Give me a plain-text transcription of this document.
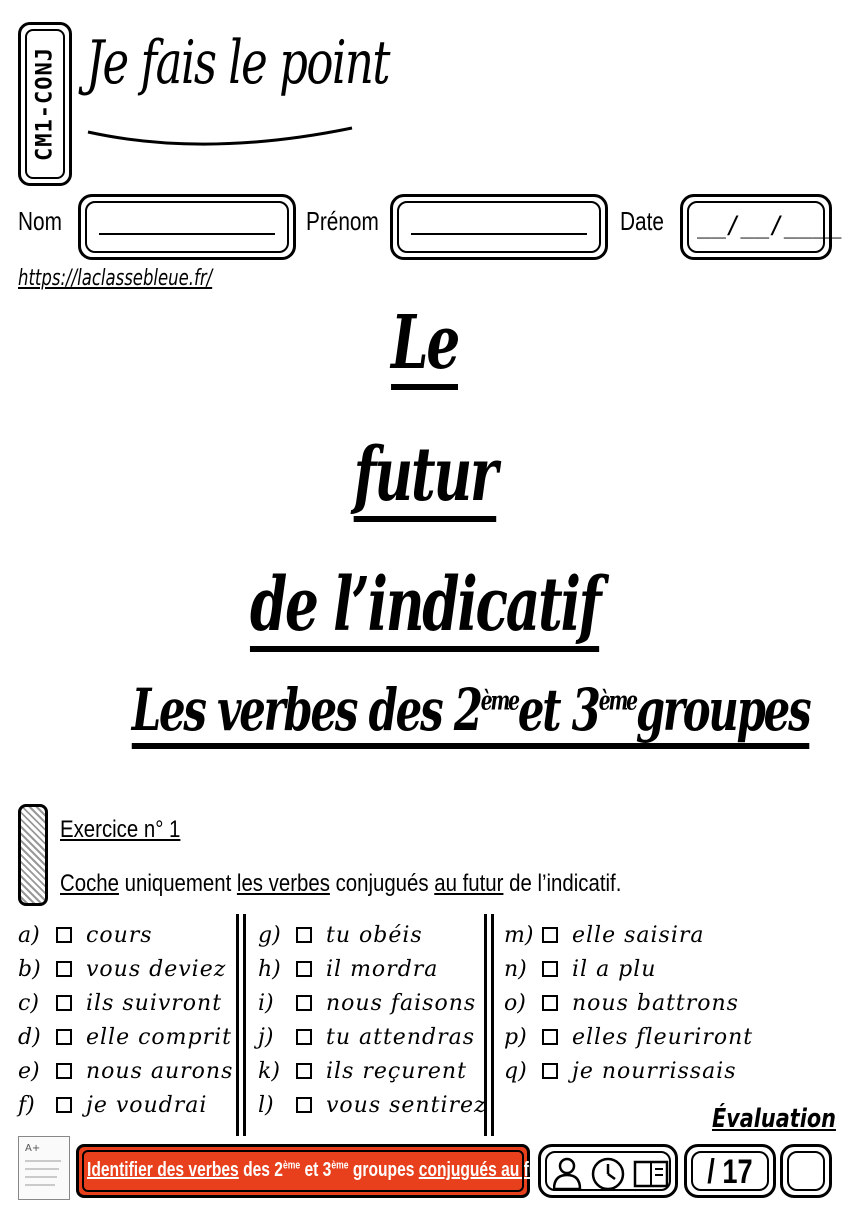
CM1-CONJ Je fais le point
Nom	Prénom	Date __/__/____
https://laclassebleue.fr/
Le
futur
de l’indicatif
Les verbes des 2èmeet 3èmegroupes
Exercice n° 1
Coche uniquement les verbes conjugués au futur de l’indicatif.
a)	cours
b)	vous deviez
c)	ils suivront
d)	elle comprit
e)	nous aurons
f)	je voudrai
g)	tu obéis
h)	il mordra
i)	nous faisons
j)	tu attendras
k)	ils reçurent
l)	vous sentirez
m)	elle saisira
n)	il a plu
o)	nous battrons
p)	elles fleuriront
q)	je nourrissais
Évaluation
A+
Identifier des verbes des 2ème et 3ème groupes conjugués au futur.	/ 17
